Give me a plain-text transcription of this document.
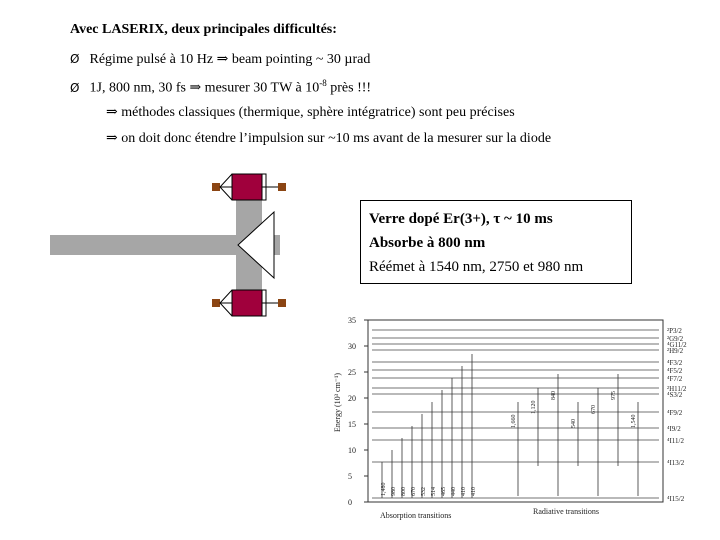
Avec LASERIX, deux principales difficultés:
Ø Régime pulsé à 10 Hz ⇒ beam pointing ~ 30 µrad
Ø 1J, 800 nm, 30 fs ⇒ mesurer 30 TW à $10^{-8}$ près !!!
⇒ méthodes classiques (thermique, sphère intégratrice) sont peu précises
⇒ on doit donc étendre l’impulsion sur ~10 ms avant de la mesurer sur la diode
Verre dopé Er(3+), τ ~ 10 ms
Absorbe à 800 nm
Réémet à 1540 nm, 2750 et 980 nm
35
30
25
20
15
10
5
0
Energy (10³ cm⁻¹)
²P3/2
²G9/2
⁴G11/2
²H9/2
⁴F3/2
⁴F5/2
⁴F7/2
²H11/2
⁴S3/2
⁴F9/2
⁴I9/2
⁴I11/2
⁴I13/2
⁴I15/2
1,480 980 800 670 532 514 465 440 410 410
1,660
1,120
840
540
670
975
1,540
Absorption transitions	Radiative transitions
